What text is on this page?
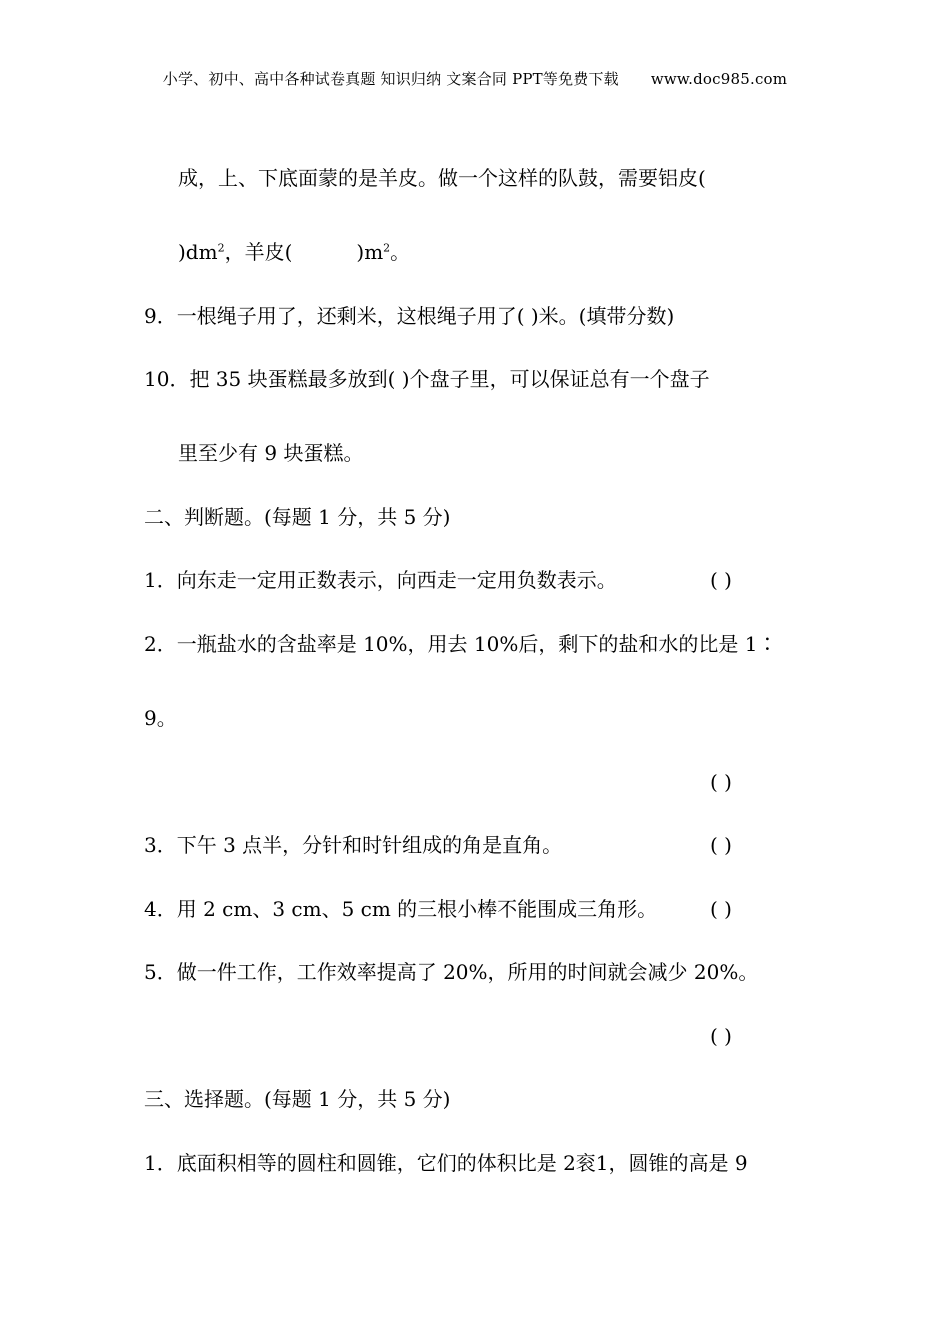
小学、初中、高中各种试卷真题 知识归纳 文案合同 PPT等免费下载 www.doc985.com
成，上、下底面蒙的是羊皮。做一个这样的队鼓，需要铝皮(
)$dm^2$，羊皮(	)$m^2$。
9．一根绳子用了，还剩米，这根绳子用了( )米。(填带分数)
10．把 35 块蛋糕最多放到( )个盘子里，可以保证总有一个盘子
里至少有 9 块蛋糕。
二、判断题。(每题 1 分，共 5 分)
1．向东走一定用正数表示，向西走一定用负数表示。	( )
2．一瓶盐水的含盐率是 10%，用去 10%后，剩下的盐和水的比是 1∶
9。
( )
3．下午 3 点半，分针和时针组成的角是直角。	( )
4．用 2 cm、3 cm、5 cm 的三根小棒不能围成三角形。	( )
5．做一件工作，工作效率提高了 20%，所用的时间就会减少 20%。
( )
三、选择题。(每题 1 分，共 5 分)
1．底面积相等的圆柱和圆锥，它们的体积比是 2衮1，圆锥的高是 9
